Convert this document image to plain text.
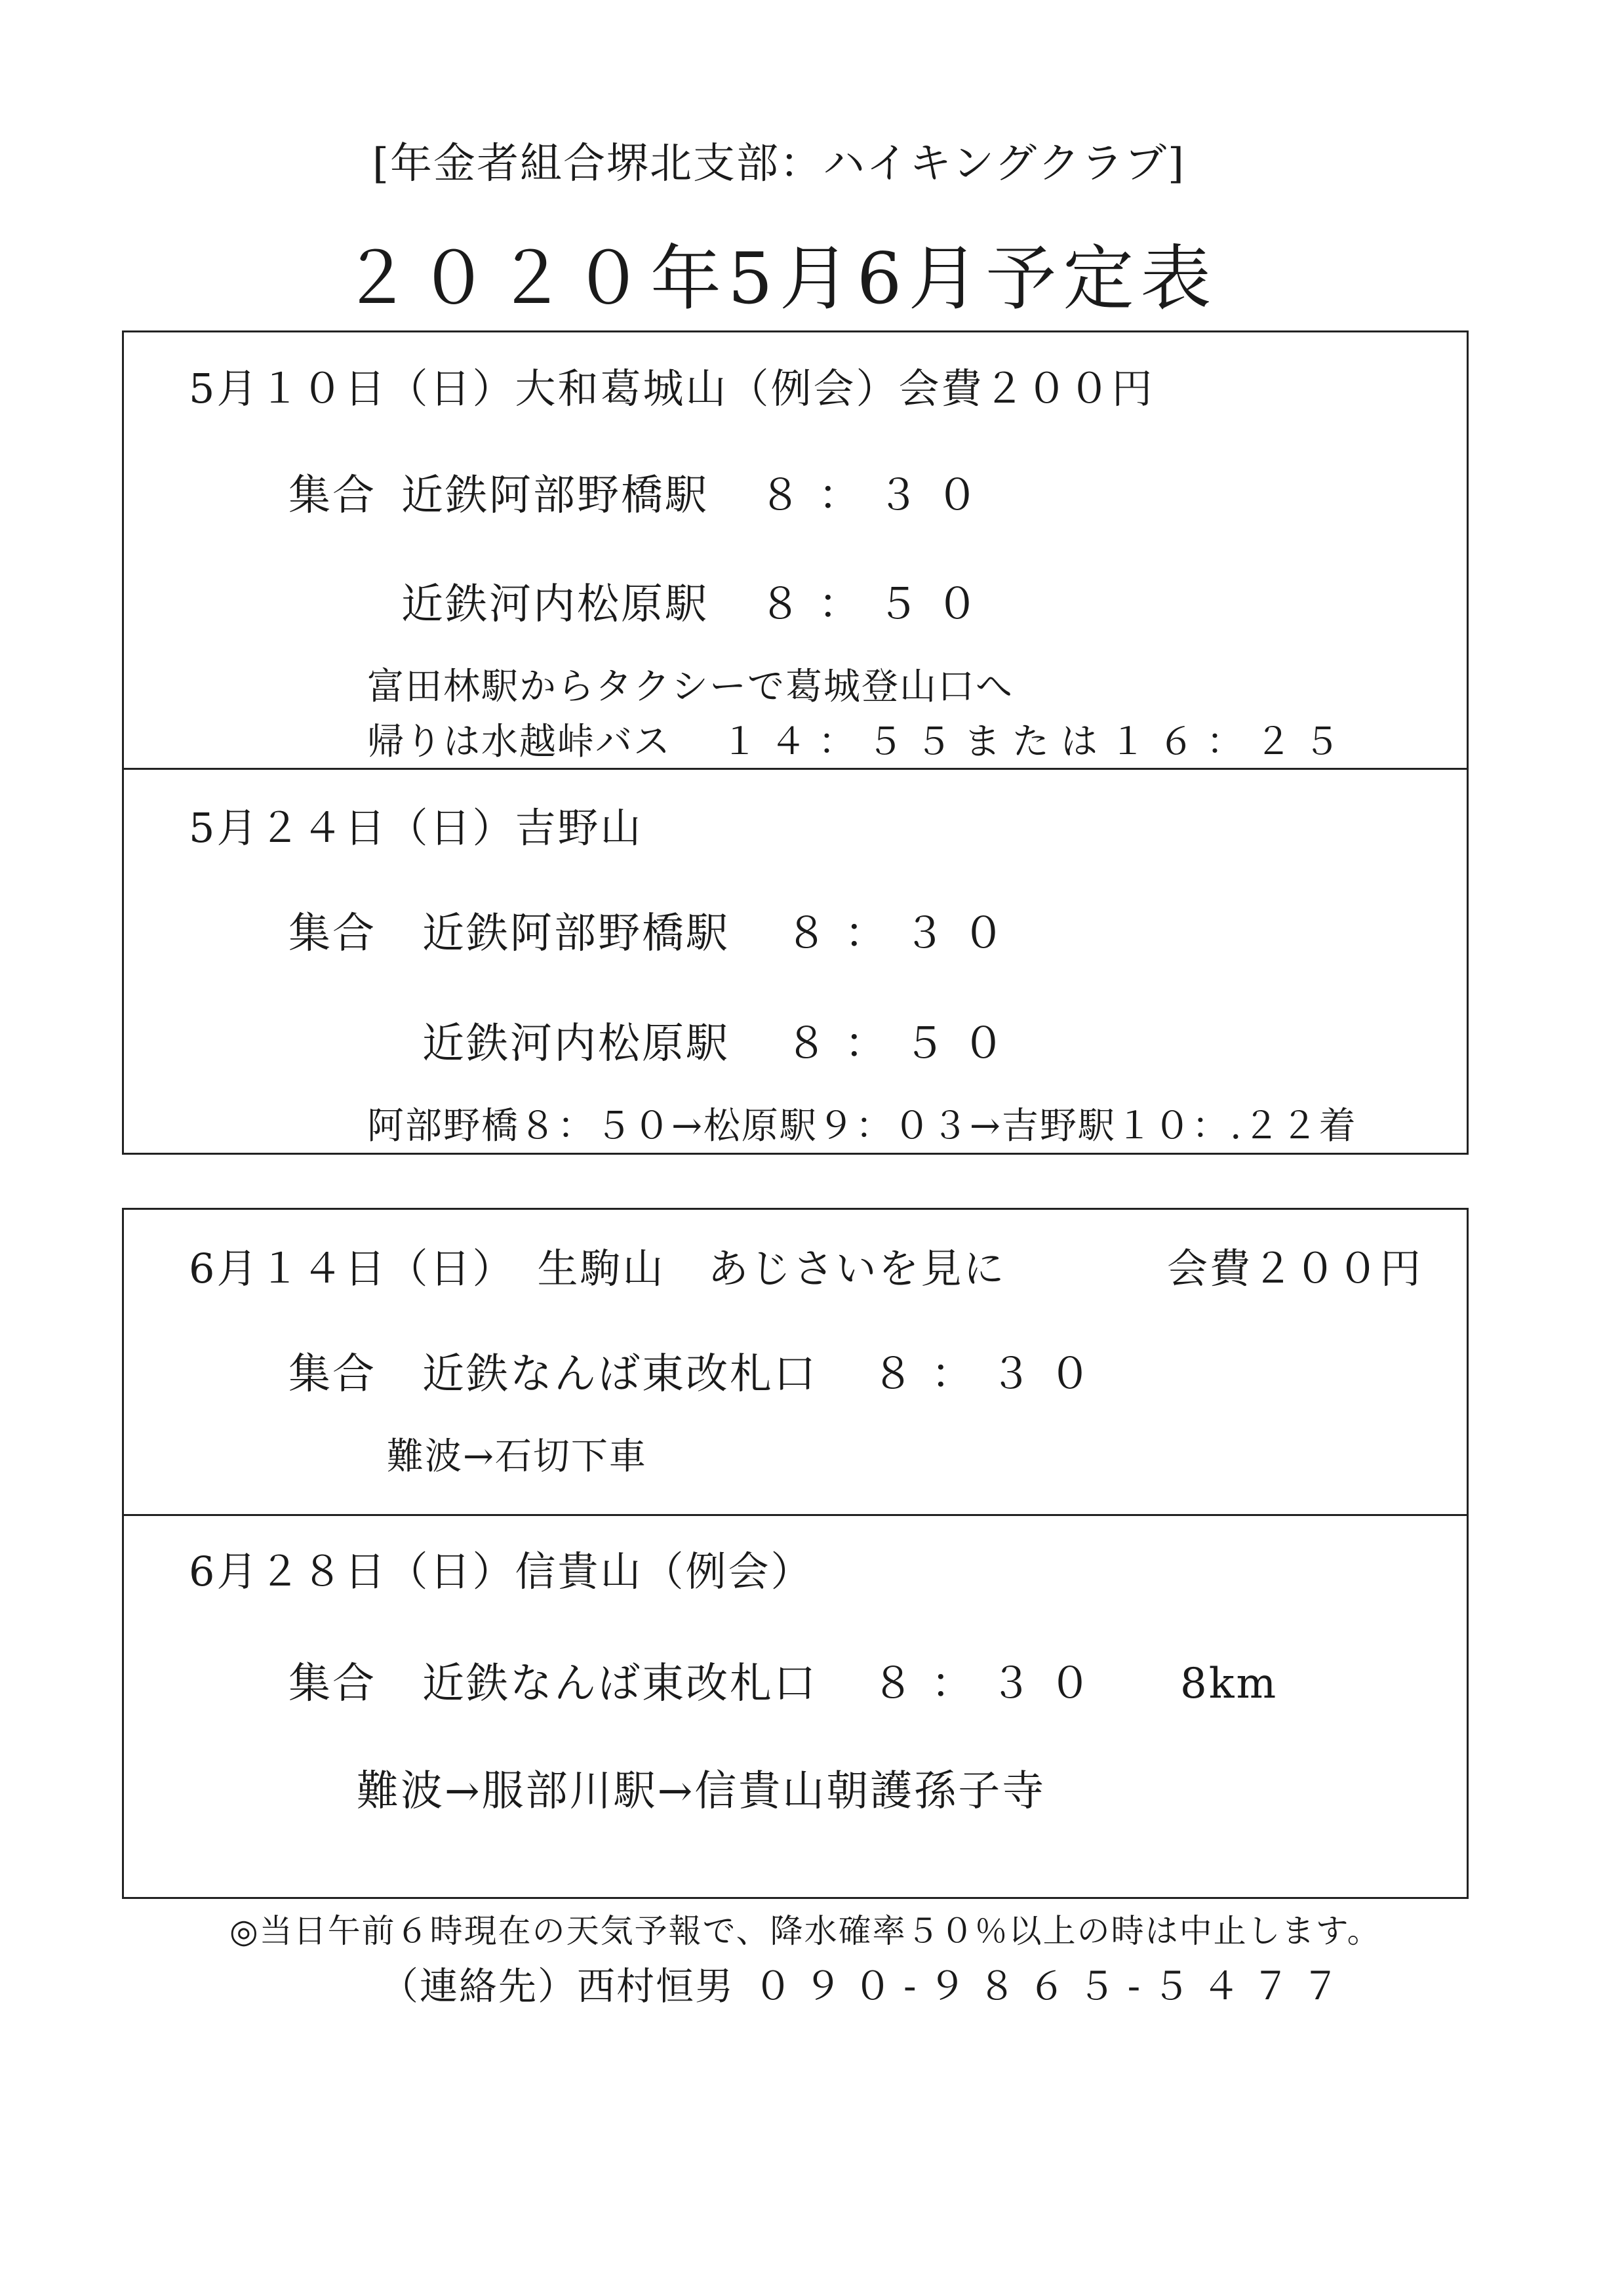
[年金者組合堺北支部：ハイキングクラブ]
２０２０年5月6月予定表
5月１０日（日）大和葛城山（例会）会費２００円
集合 近鉄阿部野橋駅 ８：３０
近鉄河内松原駅 ８：５０
富田林駅からタクシーで葛城登山口へ
帰りは水越峠バス １４：５５または１６：２５
5月２４日（日）吉野山
集合 近鉄阿部野橋駅 ８：３０
近鉄河内松原駅 ８：５０
阿部野橋８：５０→松原駅９：０３→吉野駅１０：.２２着
6月１４日（日）　生駒山　あじさいを見に	会費２００円
集合 近鉄なんば東改札口 ８：３０
難波→石切下車
6月２８日（日）信貴山（例会）
集合 近鉄なんば東改札口 ８：３０ 8km
難波→服部川駅→信貴山朝護孫子寺
◎当日午前６時現在の天気予報で、降水確率５０％以上の時は中止します。
（連絡先）西村恒男 ０９０-９８６５-５４７７
